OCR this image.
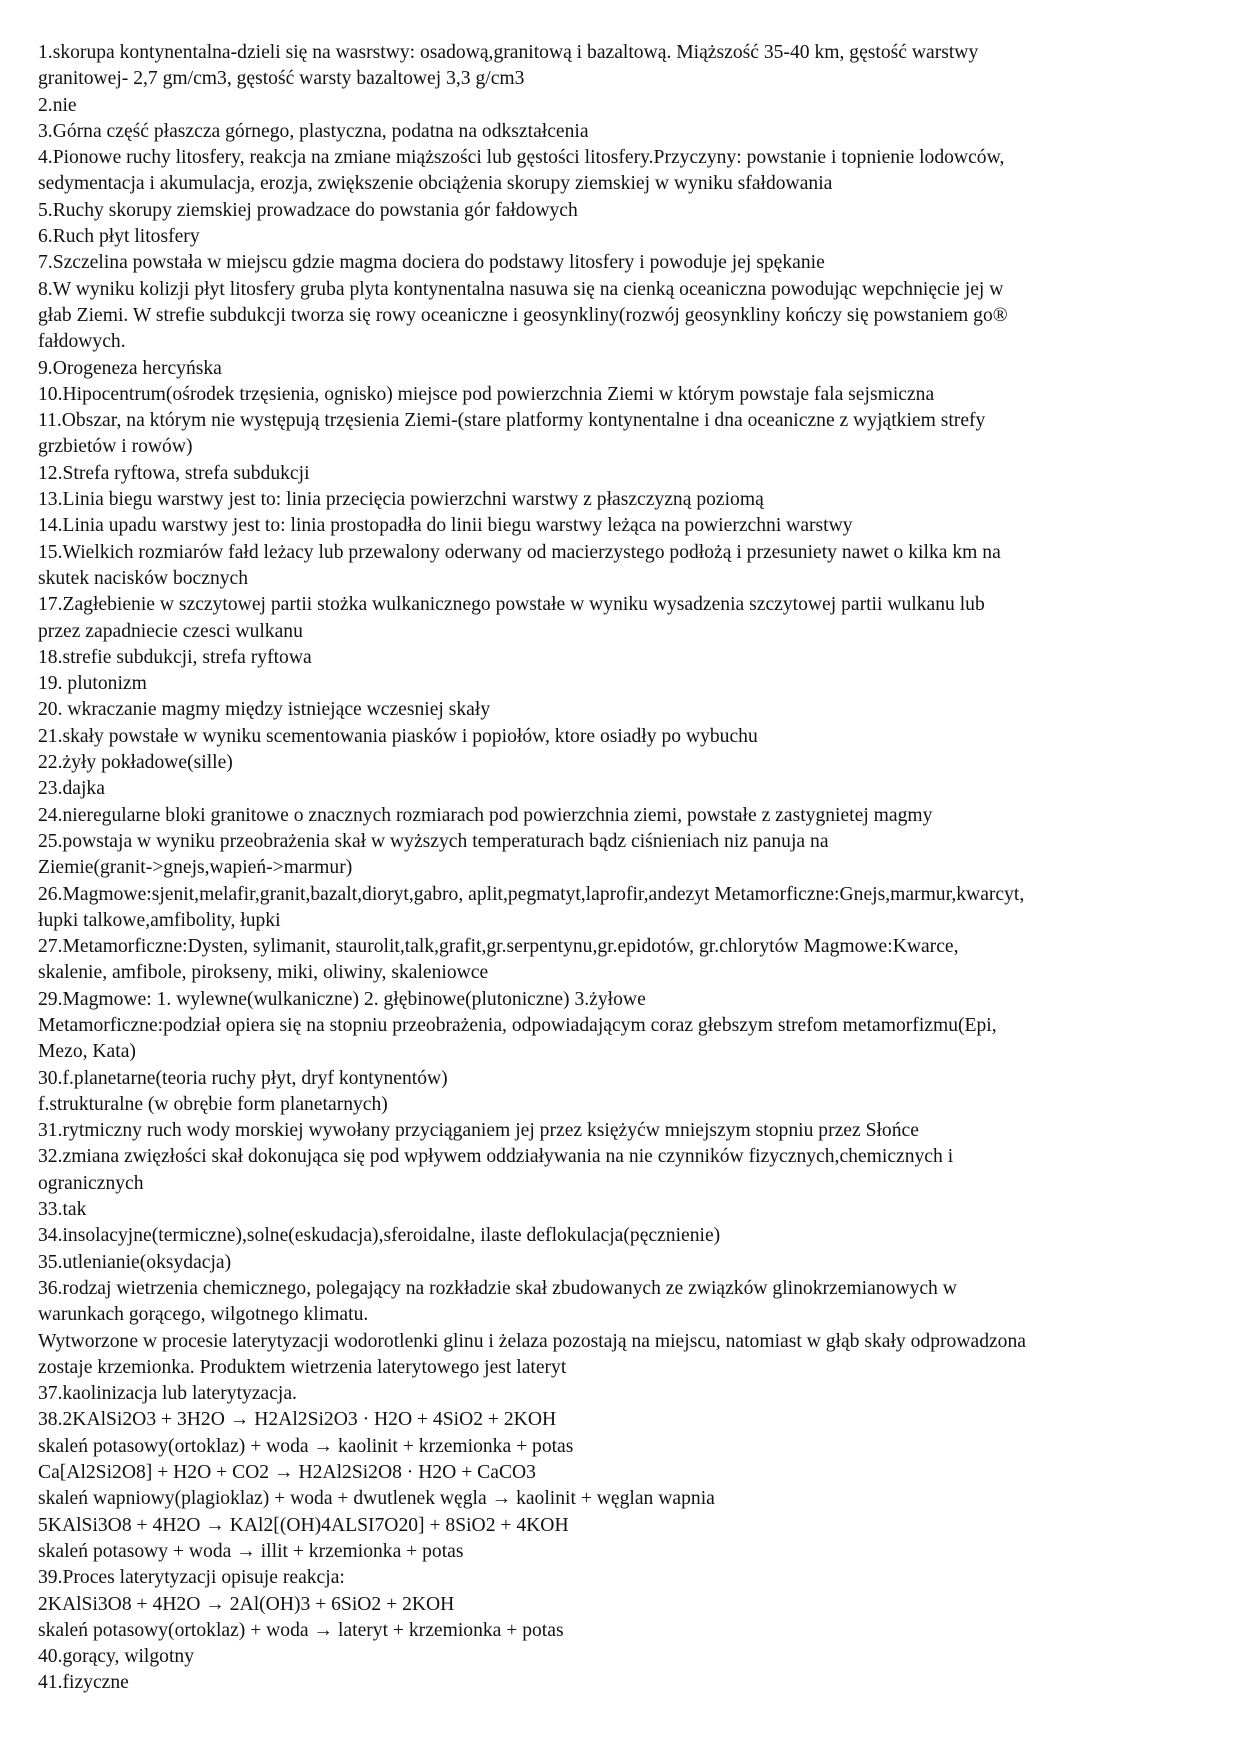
1.skorupa kontynentalna-dzieli się na wasrstwy: osadową,granitową i bazaltową. Miąższość 35-40 km, gęstość warstwy
granitowej- 2,7 gm/cm3, gęstość warsty bazaltowej 3,3 g/cm3
2.nie
3.Górna część płaszcza górnego, plastyczna, podatna na odkształcenia
4.Pionowe ruchy litosfery, reakcja na zmiane miąższości lub gęstości litosfery.Przyczyny: powstanie i topnienie lodowców,
sedymentacja i akumulacja, erozja, zwiększenie obciążenia skorupy ziemskiej w wyniku sfałdowania
5.Ruchy skorupy ziemskiej prowadzace do powstania gór fałdowych
6.Ruch płyt litosfery
7.Szczelina powstała w miejscu gdzie magma dociera do podstawy litosfery i powoduje jej spękanie
8.W wyniku kolizji płyt litosfery gruba plyta kontynentalna nasuwa się na cienką oceaniczna powodując wepchnięcie jej w
głab Ziemi. W strefie subdukcji tworza się rowy oceaniczne i geosynkliny(rozwój geosynkliny kończy się powstaniem go®
fałdowych.
9.Orogeneza hercyńska
10.Hipocentrum(ośrodek trzęsienia, ognisko) miejsce pod powierzchnia Ziemi w którym powstaje fala sejsmiczna
11.Obszar, na którym nie występują trzęsienia Ziemi-(stare platformy kontynentalne i dna oceaniczne z wyjątkiem strefy
grzbietów i rowów)
12.Strefa ryftowa, strefa subdukcji
13.Linia biegu warstwy jest to: linia przecięcia powierzchni warstwy z płaszczyzną poziomą
14.Linia upadu warstwy jest to: linia prostopadła do linii biegu warstwy leżąca na powierzchni warstwy
15.Wielkich rozmiarów fałd leżacy lub przewalony oderwany od macierzystego podłożą i przesuniety nawet o kilka km na
skutek nacisków bocznych
17.Zagłebienie w szczytowej partii stożka wulkanicznego powstałe w wyniku wysadzenia szczytowej partii wulkanu lub
przez zapadniecie czesci wulkanu
18.strefie subdukcji, strefa ryftowa
19. plutonizm
20. wkraczanie magmy między istniejące wczesniej skały
21.skały powstałe w wyniku scementowania piasków i popiołów, ktore osiadły po wybuchu
22.żyły pokładowe(sille)
23.dajka
24.nieregularne bloki granitowe o znacznych rozmiarach pod powierzchnia ziemi, powstałe z zastygnietej magmy
25.powstaja w wyniku przeobrażenia skał w wyższych temperaturach bądz ciśnieniach niz panuja na
Ziemie(granit->gnejs,wapień->marmur)
26.Magmowe:sjenit,melafir,granit,bazalt,dioryt,gabro, aplit,pegmatyt,laprofir,andezyt Metamorficzne:Gnejs,marmur,kwarcyt,
łupki talkowe,amfibolity, łupki
27.Metamorficzne:Dysten, sylimanit, staurolit,talk,grafit,gr.serpentynu,gr.epidotów, gr.chlorytów Magmowe:Kwarce,
skalenie, amfibole, pirokseny, miki, oliwiny, skaleniowce
29.Magmowe: 1. wylewne(wulkaniczne) 2. głębinowe(plutoniczne) 3.żyłowe
Metamorficzne:podział opiera się na stopniu przeobrażenia, odpowiadającym coraz głebszym strefom metamorfizmu(Epi,
Mezo, Kata)
30.f.planetarne(teoria ruchy płyt, dryf kontynentów)
f.strukturalne (w obrębie form planetarnych)
31.rytmiczny ruch wody morskiej wywołany przyciąganiem jej przez księżyćw mniejszym stopniu przez Słońce
32.zmiana zwięzłości skał dokonująca się pod wpływem oddziaływania na nie czynników fizycznych,chemicznych i
ogranicznych
33.tak
34.insolacyjne(termiczne),solne(eskudacja),sferoidalne, ilaste deflokulacja(pęcznienie)
35.utlenianie(oksydacja)
36.rodzaj wietrzenia chemicznego, polegający na rozkładzie skał zbudowanych ze związków glinokrzemianowych w
warunkach gorącego, wilgotnego klimatu.
Wytworzone w procesie laterytyzacji wodorotlenki glinu i żelaza pozostają na miejscu, natomiast w głąb skały odprowadzona
zostaje krzemionka. Produktem wietrzenia laterytowego jest lateryt
37.kaolinizacja lub laterytyzacja.
38.2KAlSi2O3 + 3H2O → H2Al2Si2O3 · H2O + 4SiO2 + 2KOH
skaleń potasowy(ortoklaz) + woda → kaolinit + krzemionka + potas
Ca[Al2Si2O8] + H2O + CO2 → H2Al2Si2O8 · H2O + CaCO3
skaleń wapniowy(plagioklaz) + woda + dwutlenek węgla → kaolinit + węglan wapnia
5KAlSi3O8 + 4H2O → KAl2[(OH)4ALSI7O20] + 8SiO2 + 4KOH
skaleń potasowy + woda → illit + krzemionka + potas
39.Proces laterytyzacji opisuje reakcja:
2KAlSi3O8 + 4H2O → 2Al(OH)3 + 6SiO2 + 2KOH
skaleń potasowy(ortoklaz) + woda → lateryt + krzemionka + potas
40.gorący, wilgotny
41.fizyczne
